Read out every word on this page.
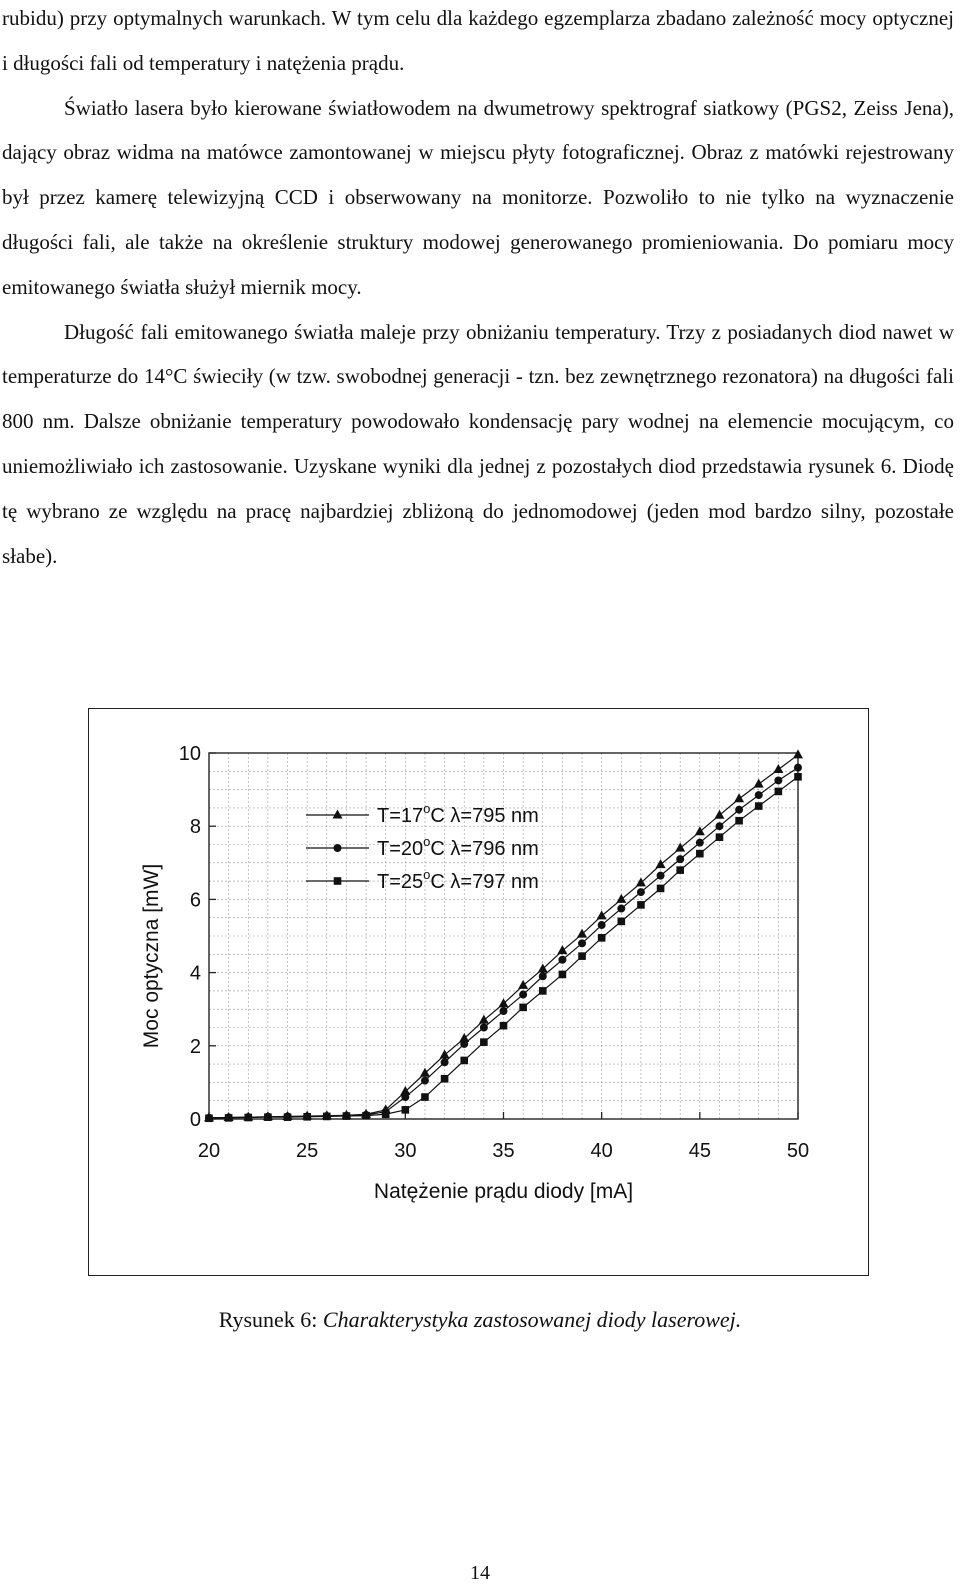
rubidu) przy optymalnych warunkach. W tym celu dla każdego egzemplarza zbadano zależność mocy optycznej i długości fali od temperatury i natężenia prądu.

Światło lasera było kierowane światłowodem na dwumetrowy spektrograf siatkowy (PGS2, Zeiss Jena), dający obraz widma na matówce zamontowanej w miejscu płyty fotograficznej. Obraz z matówki rejestrowany był przez kamerę telewizyjną CCD i obserwowany na monitorze. Pozwoliło to nie tylko na wyznaczenie długości fali, ale także na określenie struktury modowej generowanego promieniowania. Do pomiaru mocy emitowanego światła służył miernik mocy.

Długość fali emitowanego światła maleje przy obniżaniu temperatury. Trzy z posiadanych diod nawet w temperaturze do 14°C świeciły (w tzw. swobodnej generacji - tzn. bez zewnętrznego rezonatora) na długości fali 800 nm. Dalsze obniżanie temperatury powodowało kondensację pary wodnej na elemencie mocującym, co uniemożliwiało ich zastosowanie. Uzyskane wyniki dla jednej z pozostałych diod przedstawia rysunek 6. Diodę tę wybrano ze względu na pracę najbardziej zbliżoną do jednomodowej (jeden mod bardzo silny, pozostałe słabe).

20	25	30	35	40	45	50
0
2
4
6
8
10
$T=17^oC$ λ=795 nm
$T=20^oC$ λ=796 nm
$T=25^oC$ λ=797 nm
Natężenie prądu diody [mA]
Moc optyczna [mW]
Rysunek 6: Charakterystyka zastosowanej diody laserowej.
14
